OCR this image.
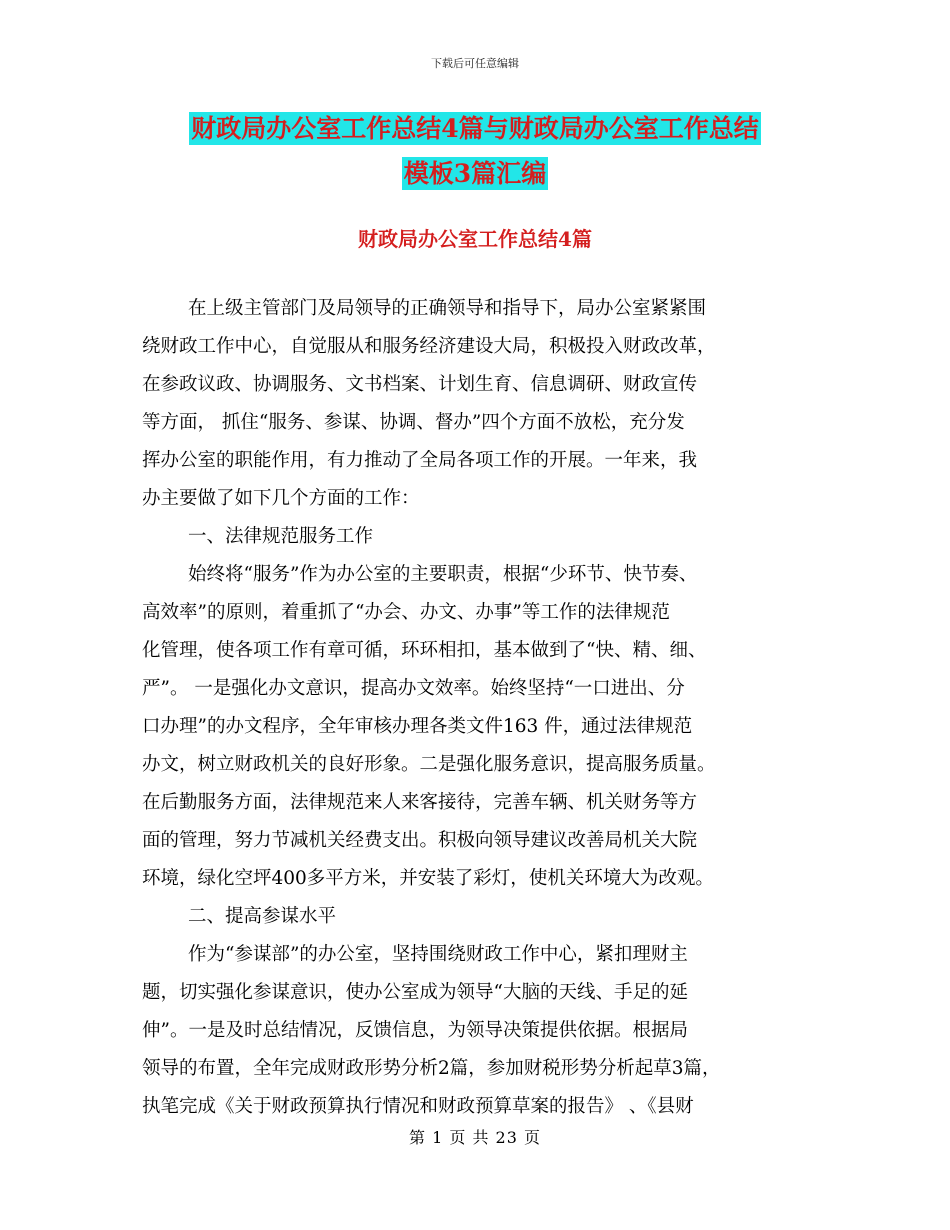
下载后可任意编辑
财政局办公室工作总结4篇与财政局办公室工作总结
模板3篇汇编
财政局办公室工作总结4篇
在上级主管部门及局领导的正确领导和指导下，局办公室紧紧围
绕财政工作中心，自觉服从和服务经济建设大局，积极投入财政改革，
在参政议政、协调服务、文书档案、计划生育、信息调研、财政宣传
等方面， 抓住“服务、参谋、协调、督办”四个方面不放松，充分发
挥办公室的职能作用，有力推动了全局各项工作的开展。一年来，我
办主要做了如下几个方面的工作：
一、法律规范服务工作
始终将“服务”作为办公室的主要职责，根据“少环节、快节奏、
高效率”的原则，着重抓了“办会、办文、办事”等工作的法律规范
化管理，使各项工作有章可循，环环相扣，基本做到了“快、精、细、
严”。 一是强化办文意识，提高办文效率。始终坚持“一口进出、分
口办理”的办文程序，全年审核办理各类文件163 件，通过法律规范
办文，树立财政机关的良好形象。二是强化服务意识，提高服务质量。
在后勤服务方面，法律规范来人来客接待，完善车辆、机关财务等方
面的管理，努力节减机关经费支出。积极向领导建议改善局机关大院
环境，绿化空坪400多平方米，并安装了彩灯，使机关环境大为改观。
二、提高参谋水平
作为“参谋部”的办公室，坚持围绕财政工作中心，紧扣理财主
题，切实强化参谋意识，使办公室成为领导“大脑的天线、手足的延
伸”。一是及时总结情况，反馈信息，为领导决策提供依据。根据局
领导的布置，全年完成财政形势分析2篇，参加财税形势分析起草3篇，
执笔完成《关于财政预算执行情况和财政预算草案的报告》 、《县财
第 1 页 共 23 页
